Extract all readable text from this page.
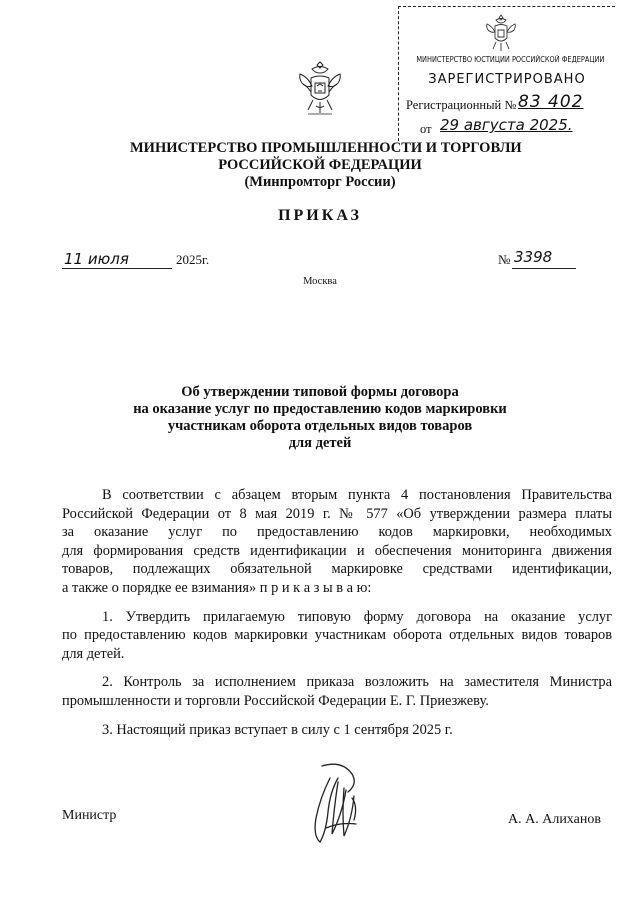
МИНИСТЕРСТВО ЮСТИЦИИ РОССИЙСКОЙ ФЕДЕРАЦИИ
ЗАРЕГИСТРИРОВАНО
Регистрационный № 83 402
от 29 августа 2025.
МИНИСТЕРСТВО ПРОМЫШЛЕННОСТИ И ТОРГОВЛИ
РОССИЙСКОЙ ФЕДЕРАЦИИ
(Минпромторг России)
ПРИКАЗ
11 июля	2025г.	№ 3398
Москва
Об утверждении типовой формы договора
на оказание услуг по предоставлению кодов маркировки
участникам оборота отдельных видов товаров
для детей
В соответствии с абзацем вторым пункта 4 постановления Правительства
Российской Федерации от 8 мая 2019 г. № 577 «Об утверждении размера платы
за оказание услуг по предоставлению кодов маркировки, необходимых
для формирования средств идентификации и обеспечения мониторинга движения
товаров, подлежащих обязательной маркировке средствами идентификации,
а также о порядке ее взимания» п р и к а з ы в а ю:
1. Утвердить прилагаемую типовую форму договора на оказание услуг
по предоставлению кодов маркировки участникам оборота отдельных видов товаров
для детей.
2. Контроль за исполнением приказа возложить на заместителя Министра
промышленности и торговли Российской Федерации Е. Г. Приезжеву.
3. Настоящий приказ вступает в силу с 1 сентября 2025 г.
Министр	А. А. Алиханов
